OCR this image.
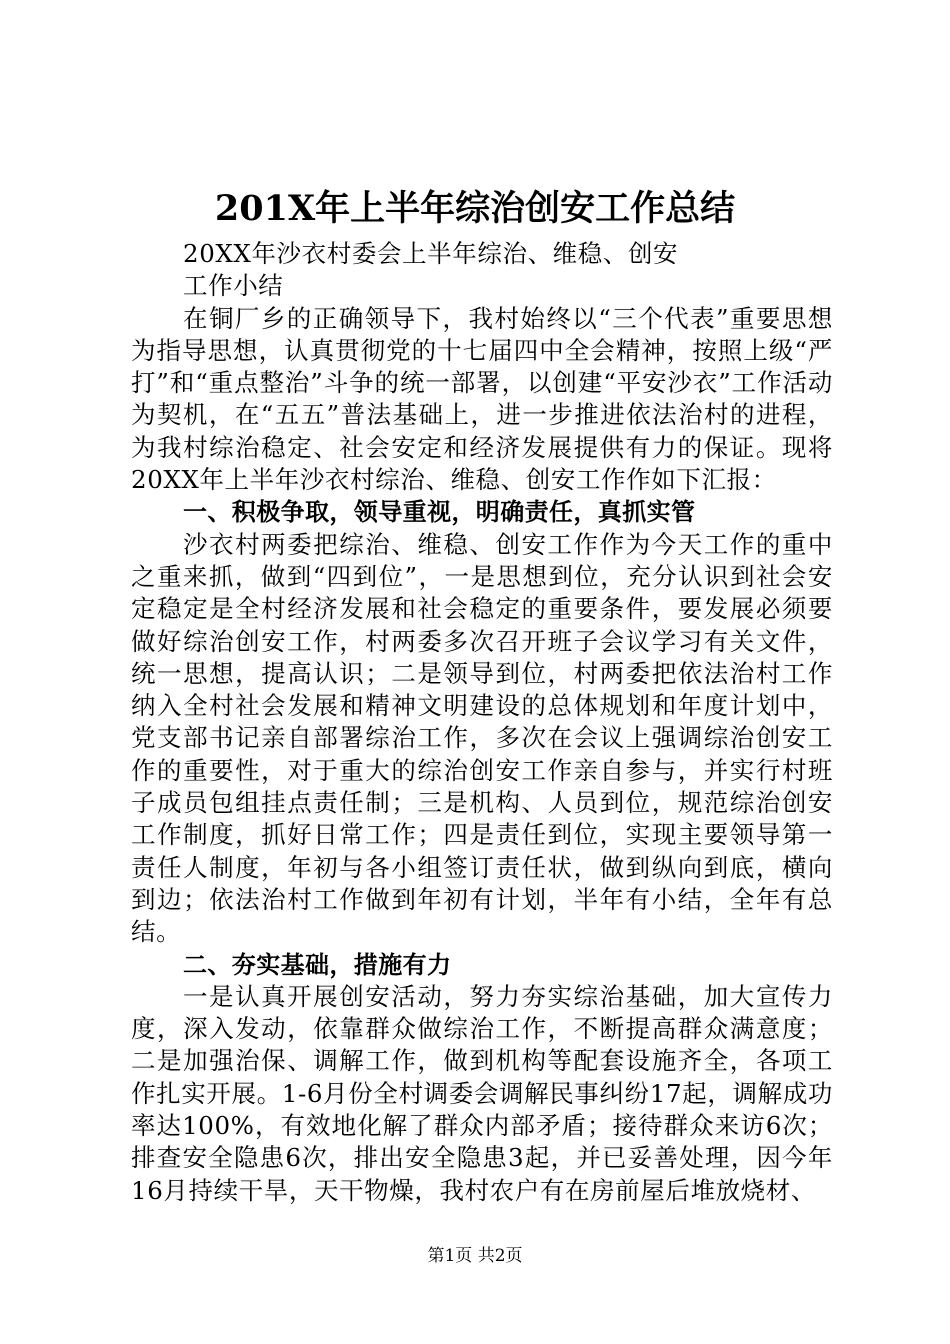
201X年上半年综治创安工作总结

20XX年沙衣村委会上半年综治、维稳、创安

工作小结

在铜厂乡的正确领导下，我村始终以“三个代表”重要思想为指导思想，认真贯彻党的十七届四中全会精神，按照上级“严打”和“重点整治”斗争的统一部署，以创建“平安沙衣”工作活动为契机，在“五五”普法基础上，进一步推进依法治村的进程，为我村综治稳定、社会安定和经济发展提供有力的保证。现将20XX年上半年沙衣村综治、维稳、创安工作作如下汇报：

一、积极争取，领导重视，明确责任，真抓实管

沙衣村两委把综治、维稳、创安工作作为今天工作的重中之重来抓，做到“四到位”，一是思想到位，充分认识到社会安定稳定是全村经济发展和社会稳定的重要条件，要发展必须要做好综治创安工作，村两委多次召开班子会议学习有关文件，统一思想，提高认识；二是领导到位，村两委把依法治村工作纳入全村社会发展和精神文明建设的总体规划和年度计划中，党支部书记亲自部署综治工作，多次在会议上强调综治创安工作的重要性，对于重大的综治创安工作亲自参与，并实行村班子成员包组挂点责任制；三是机构、人员到位，规范综治创安工作制度，抓好日常工作；四是责任到位，实现主要领导第一责任人制度，年初与各小组签订责任状，做到纵向到底，横向到边；依法治村工作做到年初有计划，半年有小结，全年有总结。

二、夯实基础，措施有力

一是认真开展创安活动，努力夯实综治基础，加大宣传力度，深入发动，依靠群众做综治工作，不断提高群众满意度；二是加强治保、调解工作，做到机构等配套设施齐全，各项工作扎实开展。1-6月份全村调委会调解民事纠纷17起，调解成功率达100%，有效地化解了群众内部矛盾；接待群众来访6次；排查安全隐患6次，排出安全隐患3起，并已妥善处理，因今年16月持续干旱，天干物燥，我村农户有在房前屋后堆放烧材、

第1页 共2页
